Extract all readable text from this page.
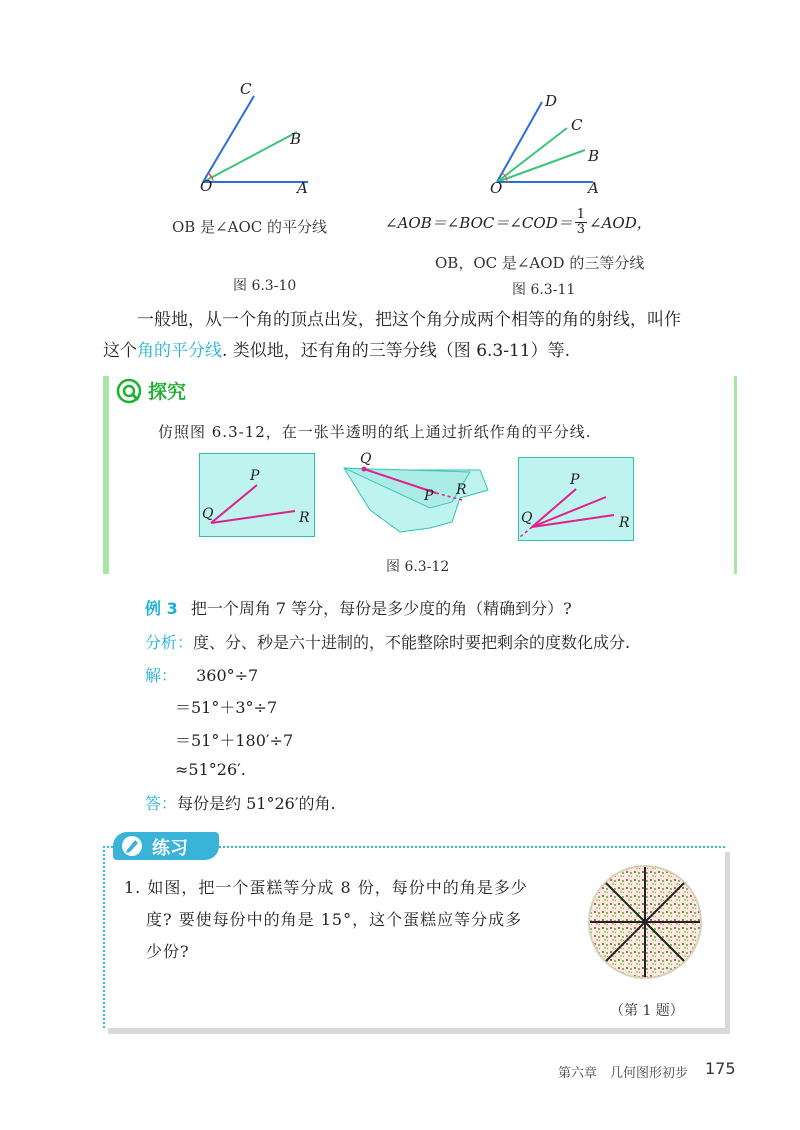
C
B
O	A
OB 是∠AOC 的平分线
图 6.3-10
D
C
B
O	A
∠AOB＝∠BOC＝∠COD＝ $\frac{1}{3}$ ∠AOD，
OB，OC 是∠AOD 的三等分线
图 6.3-11
一般地，从一个角的顶点出发，把这个角分成两个相等的角的射线，叫作
这个角的平分线. 类似地，还有角的三等分线（图 6.3-11）等.
探究
仿照图 6.3-12，在一张半透明的纸上通过折纸作角的平分线.
P
Q	R
Q
P R
P
Q	R
图 6.3-12
例 3 把一个周角 7 等分，每份是多少度的角（精确到分）?
分析：度、分、秒是六十进制的，不能整除时要把剩余的度数化成分.
解： 360°÷7
＝51°＋3°÷7
＝51°＋180′÷7
≈51°26′.
答：每份是约 51°26′的角.
练习
1. 如图，把一个蛋糕等分成 8 份，每份中的角是多少
度? 要使每份中的角是 15°，这个蛋糕应等分成多
少份?
（第 1 题）
第六章　几何图形初步 175
